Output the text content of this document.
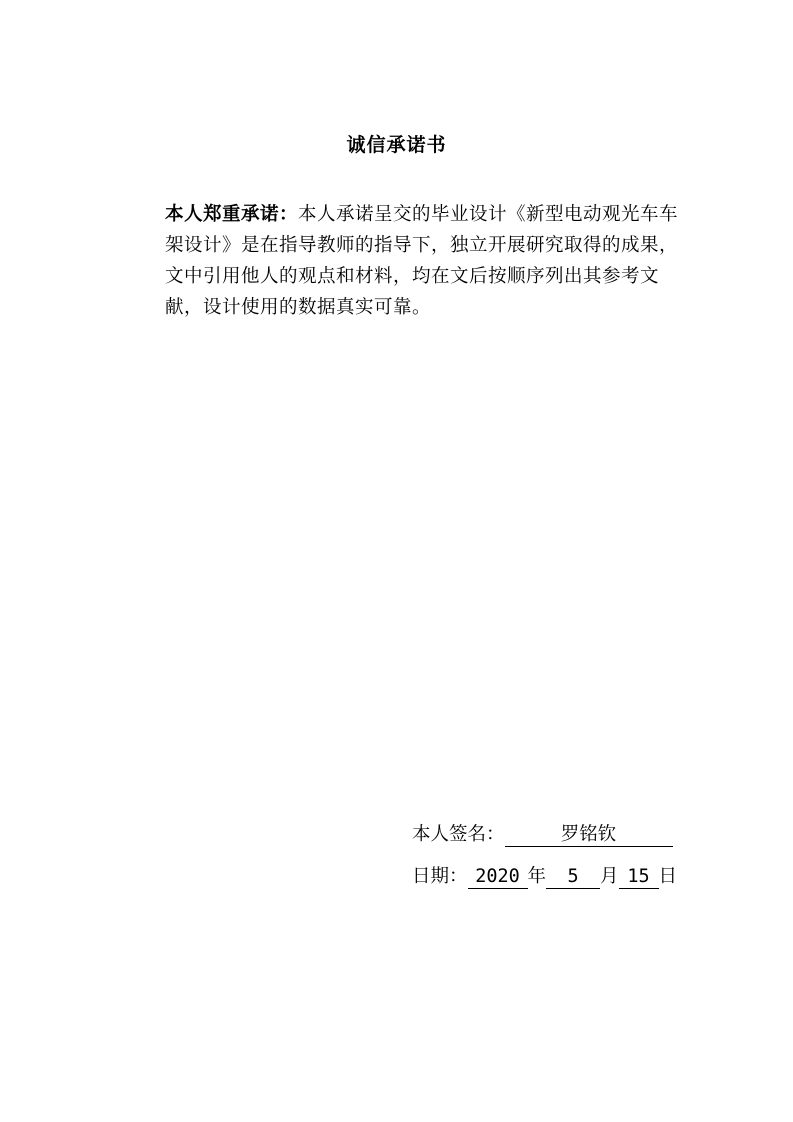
诚信承诺书
本人郑重承诺：本人承诺呈交的毕业设计《新型电动观光车车架设计》是在指导教师的指导下，独立开展研究取得的成果，文中引用他人的观点和材料，均在文后按顺序列出其参考文献，设计使用的数据真实可靠。
本人签名：	罗铭钦
日期： 2020 年 5 月 15 日
